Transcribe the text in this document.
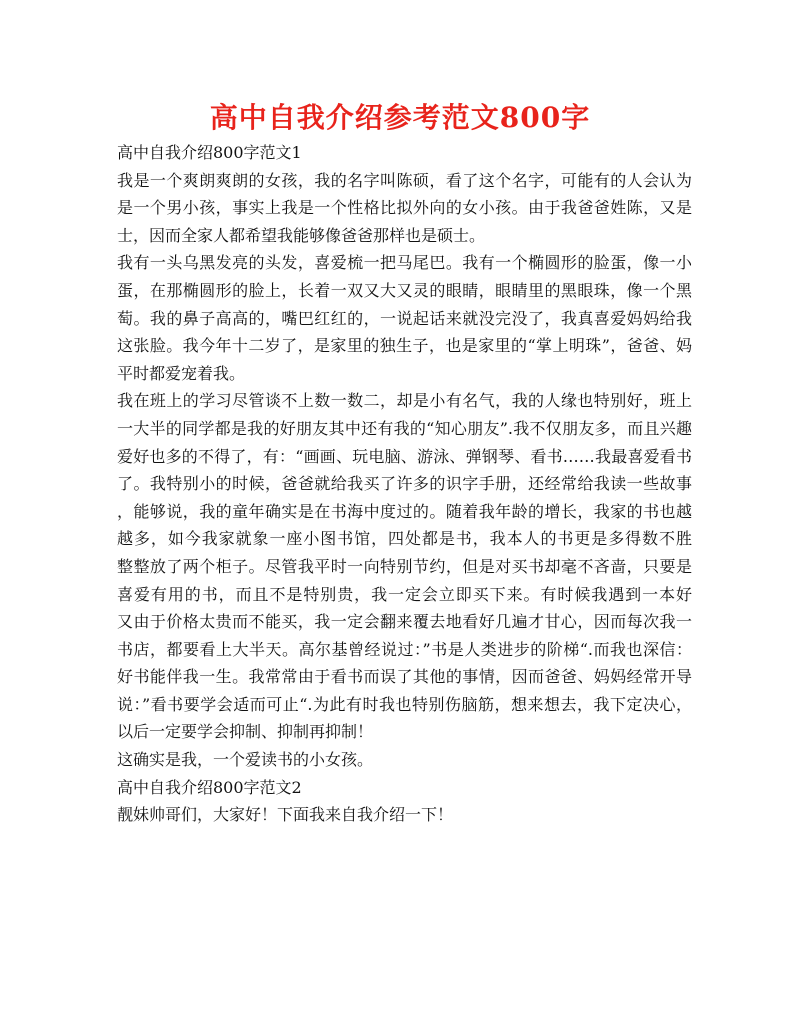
高中自我介绍参考范文800字

高中自我介绍800字范文1

我是一个爽朗爽朗的女孩，我的名字叫陈硕，看了这个名字，可能有的人会认为

是一个男小孩，事实上我是一个性格比拟外向的女小孩。由于我爸爸姓陈，又是

士，因而全家人都希望我能够像爸爸那样也是硕士。

我有一头乌黑发亮的头发，喜爱梳一把马尾巴。我有一个椭圆形的脸蛋，像一小

蛋，在那椭圆形的脸上，长着一双又大又灵的眼睛，眼睛里的黑眼珠，像一个黑

萄。我的鼻子高高的，嘴巴红红的，一说起话来就没完没了，我真喜爱妈妈给我

这张脸。我今年十二岁了，是家里的独生子，也是家里的“掌上明珠”，爸爸、妈

平时都爱宠着我。

我在班上的学习尽管谈不上数一数二，却是小有名气，我的人缘也特别好，班上

一大半的同学都是我的好朋友其中还有我的“知心朋友”.我不仅朋友多，而且兴趣

爱好也多的不得了，有：“画画、玩电脑、游泳、弹钢琴、看书……我最喜爱看书

了。我特别小的时候，爸爸就给我买了许多的识字手册，还经常给我读一些故事

，能够说，我的童年确实是在书海中度过的。随着我年龄的增长，我家的书也越

越多，如今我家就象一座小图书馆，四处都是书，我本人的书更是多得数不胜

整整放了两个柜子。尽管我平时一向特别节约，但是对买书却毫不吝啬，只要是

喜爱有用的书，而且不是特别贵，我一定会立即买下来。有时候我遇到一本好

又由于价格太贵而不能买，我一定会翻来覆去地看好几遍才甘心，因而每次我一

书店，都要看上大半天。高尔基曾经说过：”书是人类进步的阶梯“.而我也深信：

好书能伴我一生。我常常由于看书而误了其他的事情，因而爸爸、妈妈经常开导

说：”看书要学会适而可止“.为此有时我也特别伤脑筋，想来想去，我下定决心，

以后一定要学会抑制、抑制再抑制！

这确实是我，一个爱读书的小女孩。

高中自我介绍800字范文2

靓妹帅哥们，大家好！下面我来自我介绍一下！
